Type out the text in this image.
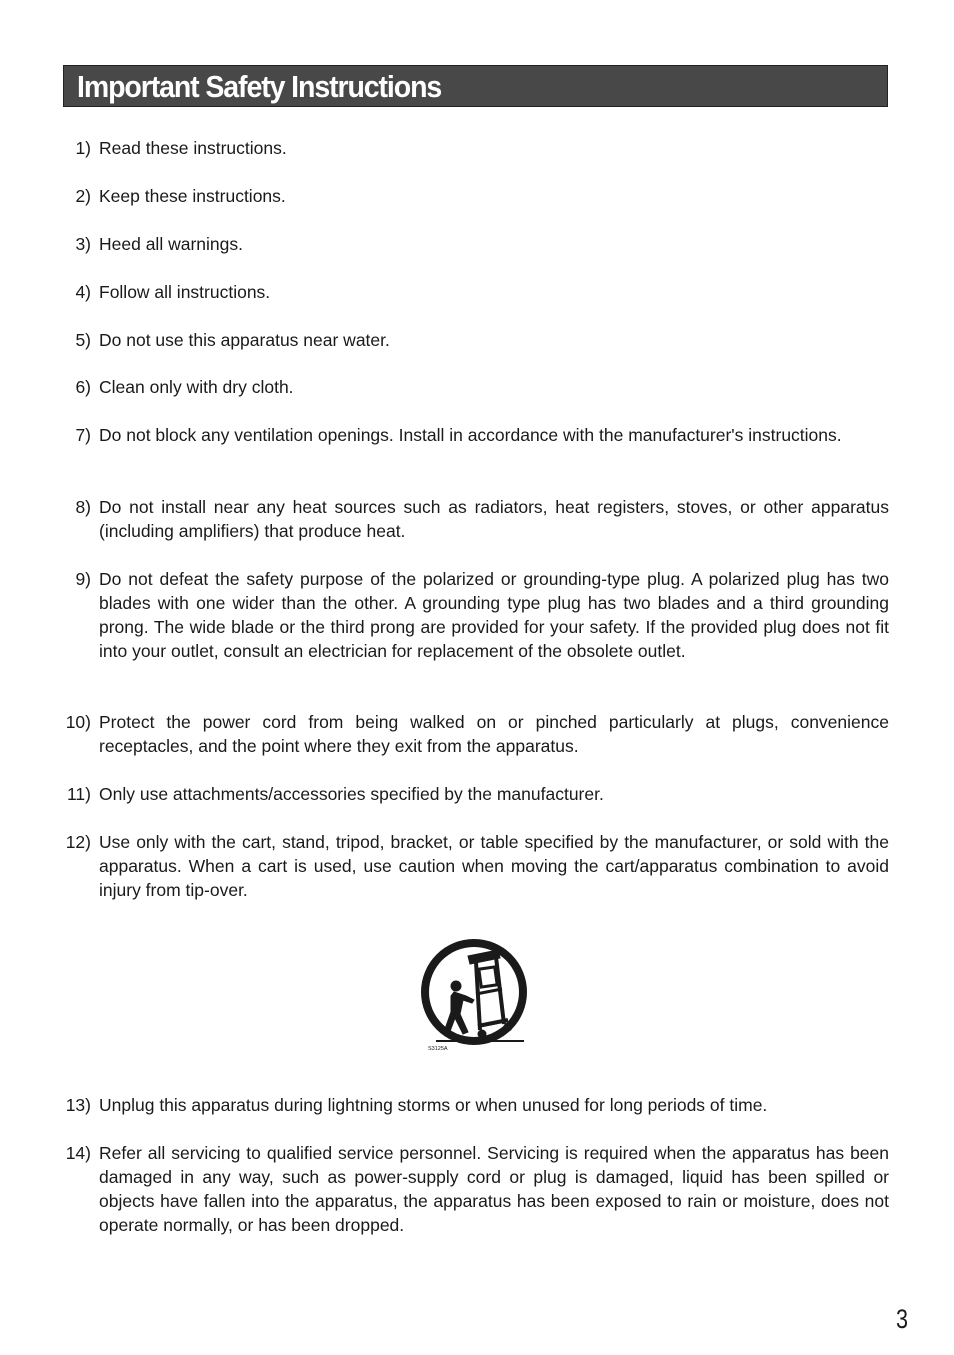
Important Safety Instructions
1) Read these instructions.
2) Keep these instructions.
3) Heed all warnings.
4) Follow all instructions.
5) Do not use this apparatus near water.
6) Clean only with dry cloth.
7) Do not block any ventilation openings. Install in accordance with the manufacturer's instructions.
8) Do not install near any heat sources such as radiators, heat registers, stoves, or other apparatus (including amplifiers) that produce heat.
9) Do not defeat the safety purpose of the polarized or grounding-type plug. A polarized plug has two blades with one wider than the other. A grounding type plug has two blades and a third grounding prong. The wide blade or the third prong are provided for your safety. If the provided plug does not fit into your outlet, consult an electrician for replacement of the obsolete outlet.
10) Protect the power cord from being walked on or pinched particularly at plugs, convenience receptacles, and the point where they exit from the apparatus.
11) Only use attachments/accessories specified by the manufacturer.
12) Use only with the cart, stand, tripod, bracket, or table specified by the manufacturer, or sold with the apparatus. When a cart is used, use caution when moving the cart/apparatus combination to avoid injury from tip-over.
13) Unplug this apparatus during lightning storms or when unused for long periods of time.
14) Refer all servicing to qualified service personnel. Servicing is required when the apparatus has been damaged in any way, such as power-supply cord or plug is damaged, liquid has been spilled or objects have fallen into the apparatus, the apparatus has been exposed to rain or moisture, does not operate normally, or has been dropped.
S3125A
3
